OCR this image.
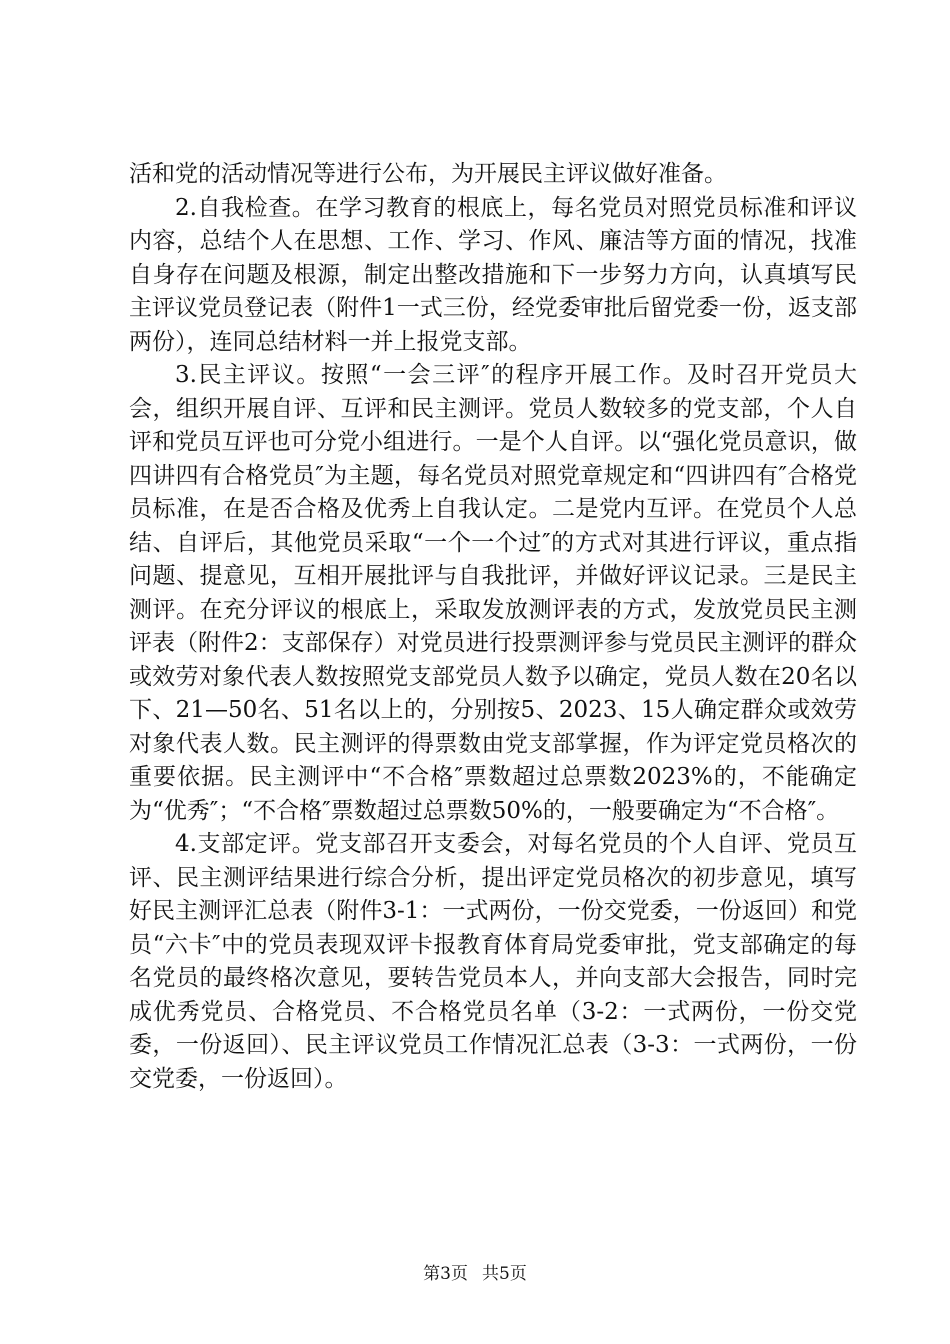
活和党的活动情况等进行公布，为开展民主评议做好准备。

2.自我检查。在学习教育的根底上，每名党员对照党员标准和评议内容，总结个人在思想、工作、学习、作风、廉洁等方面的情况，找准自身存在问题及根源，制定出整改措施和下一步努力方向，认真填写民主评议党员登记表（附件1一式三份，经党委审批后留党委一份，返支部两份），连同总结材料一并上报党支部。

3.民主评议。按照“一会三评″的程序开展工作。及时召开党员大会，组织开展自评、互评和民主测评。党员人数较多的党支部，个人自评和党员互评也可分党小组进行。一是个人自评。以“强化党员意识，做四讲四有合格党员″为主题，每名党员对照党章规定和“四讲四有″合格党员标准，在是否合格及优秀上自我认定。二是党内互评。在党员个人总结、自评后，其他党员采取“一个一个过″的方式对其进行评议，重点指问题、提意见，互相开展批评与自我批评，并做好评议记录。三是民主测评。在充分评议的根底上，采取发放测评表的方式，发放党员民主测评表（附件2：支部保存）对党员进行投票测评参与党员民主测评的群众或效劳对象代表人数按照党支部党员人数予以确定，党员人数在20名以下、21—50名、51名以上的，分别按5、2023、15人确定群众或效劳对象代表人数。民主测评的得票数由党支部掌握，作为评定党员格次的重要依据。民主测评中“不合格″票数超过总票数2023%的，不能确定为“优秀″；“不合格″票数超过总票数50%的，一般要确定为“不合格″。

4.支部定评。党支部召开支委会，对每名党员的个人自评、党员互评、民主测评结果进行综合分析，提出评定党员格次的初步意见，填写好民主测评汇总表（附件3-1：一式两份，一份交党委，一份返回）和党员“六卡″中的党员表现双评卡报教育体育局党委审批，党支部确定的每名党员的最终格次意见，要转告党员本人，并向支部大会报告，同时完成优秀党员、合格党员、不合格党员名单（3-2：一式两份，一份交党委，一份返回）、民主评议党员工作情况汇总表（3-3：一式两份，一份交党委，一份返回）。

第3页 共5页
